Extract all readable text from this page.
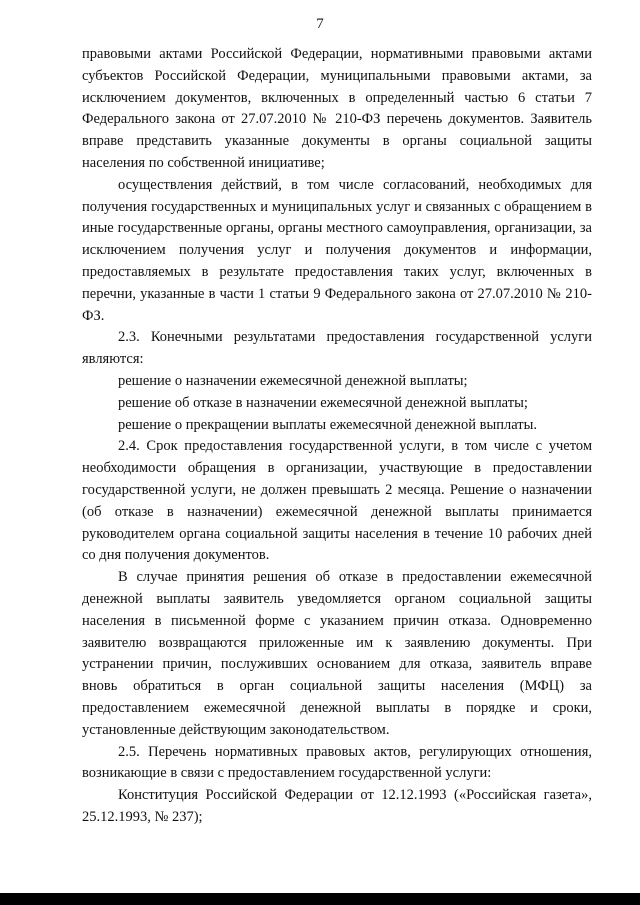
7

правовыми актами Российской Федерации, нормативными правовыми актами субъектов Российской Федерации, муниципальными правовыми актами, за исключением документов, включенных в определенный частью 6 статьи 7 Федерального закона от 27.07.2010 № 210-ФЗ перечень документов. Заявитель вправе представить указанные документы в органы социальной защиты населения по собственной инициативе;

осуществления действий, в том числе согласований, необходимых для получения государственных и муниципальных услуг и связанных с обращением в иные государственные органы, органы местного самоуправления, организации, за исключением получения услуг и получения документов и информации, предоставляемых в результате предоставления таких услуг, включенных в перечни, указанные в части 1 статьи 9 Федерального закона от 27.07.2010 № 210-ФЗ.

2.3. Конечными результатами предоставления государственной услуги являются:

решение о назначении ежемесячной денежной выплаты;

решение об отказе в назначении ежемесячной денежной выплаты;

решение о прекращении выплаты ежемесячной денежной выплаты.

2.4. Срок предоставления государственной услуги, в том числе с учетом необходимости обращения в организации, участвующие в предоставлении государственной услуги, не должен превышать 2 месяца. Решение о назначении (об отказе в назначении) ежемесячной денежной выплаты принимается руководителем органа социальной защиты населения в течение 10 рабочих дней со дня получения документов.

В случае принятия решения об отказе в предоставлении ежемесячной денежной выплаты заявитель уведомляется органом социальной защиты населения в письменной форме с указанием причин отказа. Одновременно заявителю возвращаются приложенные им к заявлению документы. При устранении причин, послуживших основанием для отказа, заявитель вправе вновь обратиться в орган социальной защиты населения (МФЦ) за предоставлением ежемесячной денежной выплаты в порядке и сроки, установленные действующим законодательством.

2.5. Перечень нормативных правовых актов, регулирующих отношения, возникающие в связи с предоставлением государственной услуги:

Конституция Российской Федерации от 12.12.1993 («Российская газета», 25.12.1993, № 237);
